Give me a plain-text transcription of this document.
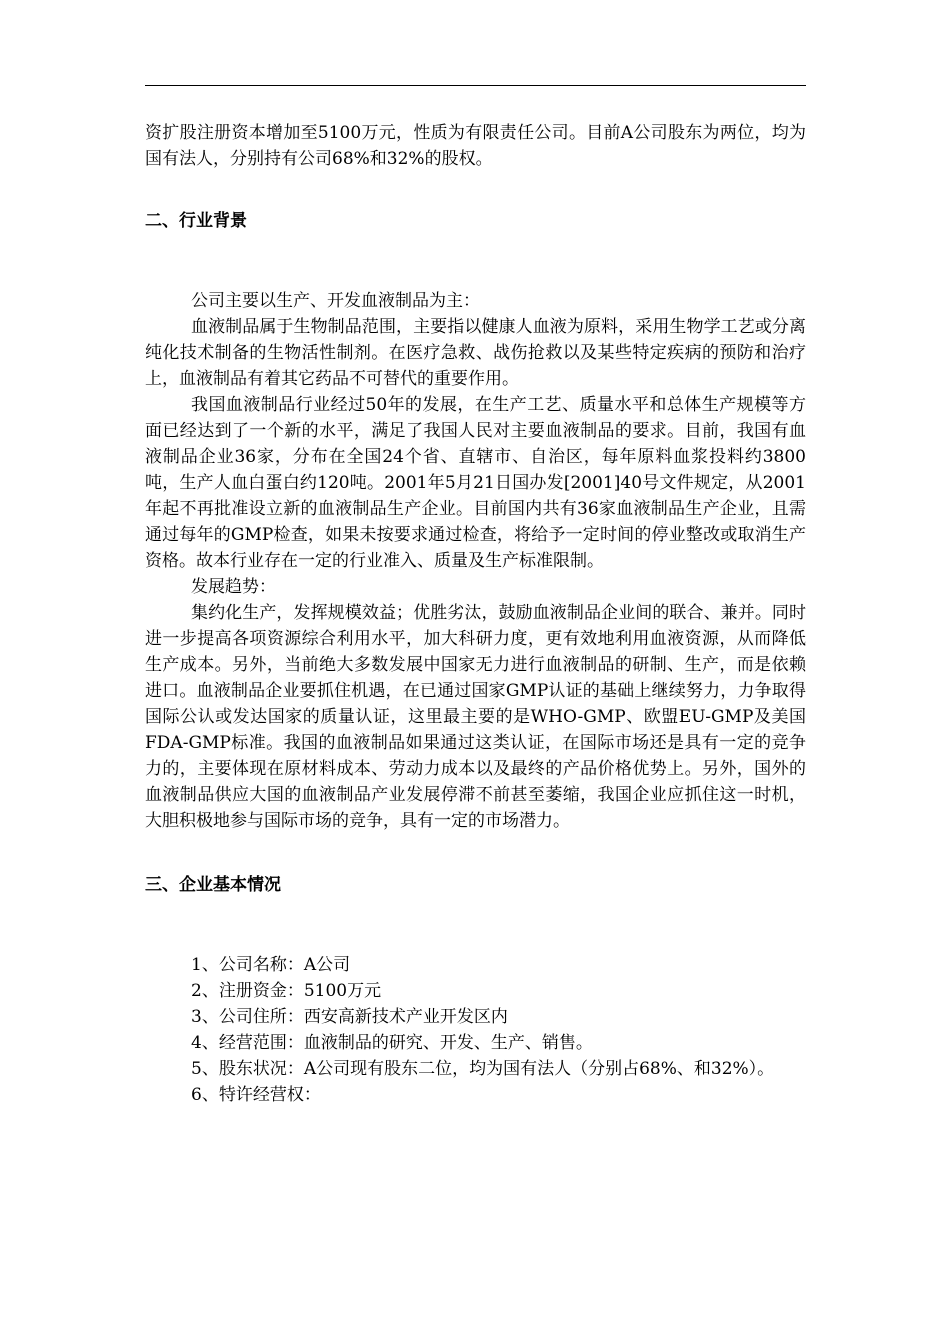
资扩股注册资本增加至5100万元，性质为有限责任公司。目前A公司股东为两位，均为国有法人，分别持有公司68%和32%的股权。

二、行业背景

公司主要以生产、开发血液制品为主：

血液制品属于生物制品范围，主要指以健康人血液为原料，采用生物学工艺或分离纯化技术制备的生物活性制剂。在医疗急救、战伤抢救以及某些特定疾病的预防和治疗上，血液制品有着其它药品不可替代的重要作用。

我国血液制品行业经过50年的发展，在生产工艺、质量水平和总体生产规模等方面已经达到了一个新的水平，满足了我国人民对主要血液制品的要求。目前，我国有血液制品企业36家，分布在全国24个省、直辖市、自治区，每年原料血浆投料约3800吨，生产人血白蛋白约120吨。2001年5月21日国办发[2001]40号文件规定，从2001年起不再批准设立新的血液制品生产企业。目前国内共有36家血液制品生产企业，且需通过每年的GMP检查，如果未按要求通过检查，将给予一定时间的停业整改或取消生产资格。故本行业存在一定的行业准入、质量及生产标准限制。

发展趋势：

集约化生产，发挥规模效益；优胜劣汰，鼓励血液制品企业间的联合、兼并。同时进一步提高各项资源综合利用水平，加大科研力度，更有效地利用血液资源，从而降低生产成本。另外，当前绝大多数发展中国家无力进行血液制品的研制、生产，而是依赖进口。血液制品企业要抓住机遇，在已通过国家GMP认证的基础上继续努力，力争取得国际公认或发达国家的质量认证，这里最主要的是WHO-GMP、欧盟EU-GMP及美国FDA-GMP标准。我国的血液制品如果通过这类认证，在国际市场还是具有一定的竞争力的，主要体现在原材料成本、劳动力成本以及最终的产品价格优势上。另外，国外的血液制品供应大国的血液制品产业发展停滞不前甚至萎缩，我国企业应抓住这一时机，大胆积极地参与国际市场的竞争，具有一定的市场潜力。

三、企业基本情况

1、公司名称：A公司

2、注册资金：5100万元

3、公司住所：西安高新技术产业开发区内

4、经营范围：血液制品的研究、开发、生产、销售。

5、股东状况：A公司现有股东二位，均为国有法人（分别占68%、和32%）。

6、特许经营权：
